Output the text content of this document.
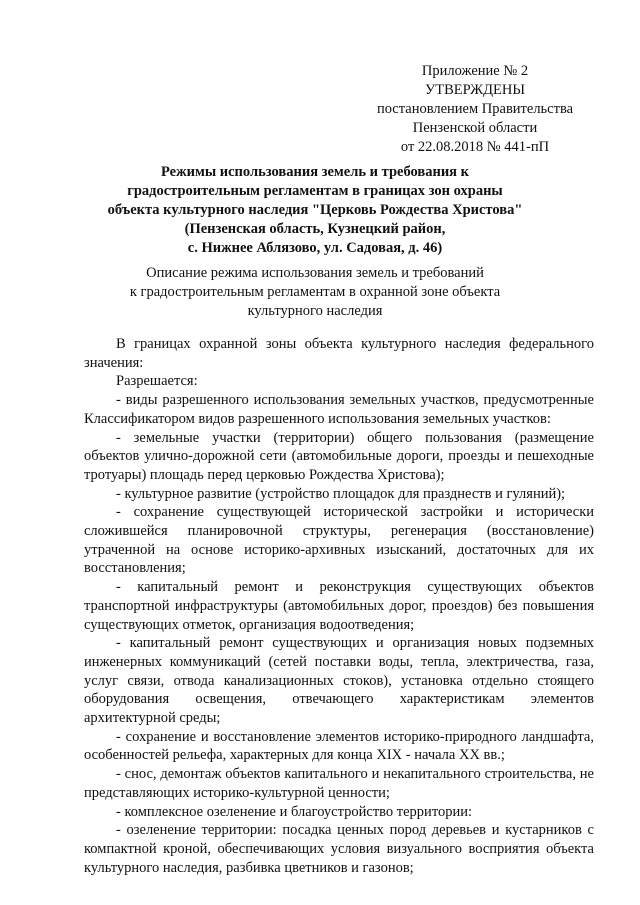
Приложение № 2
УТВЕРЖДЕНЫ
постановлением Правительства
Пензенской области
от 22.08.2018 № 441-пП
Режимы использования земель и требования к
градостроительным регламентам в границах зон охраны
объекта культурного наследия "Церковь Рождества Христова"
(Пензенская область, Кузнецкий район,
с. Нижнее Аблязово, ул. Садовая, д. 46)
Описание режима использования земель и требований
к градостроительным регламентам в охранной зоне объекта
культурного наследия

В границах охранной зоны объекта культурного наследия федерального значения:

Разрешается:

- виды разрешенного использования земельных участков, предусмотренные Классификатором видов разрешенного использования земельных участков:

- земельные участки (территории) общего пользования (размещение объектов улично-дорожной сети (автомобильные дороги, проезды и пешеходные тротуары) площадь перед церковью Рождества Христова);

- культурное развитие (устройство площадок для празднеств и гуляний);

- сохранение существующей исторической застройки и исторически сложившейся планировочной структуры, регенерация (восстановление) утраченной на основе историко-архивных изысканий, достаточных для их восстановления;

- капитальный ремонт и реконструкция существующих объектов транспортной инфраструктуры (автомобильных дорог, проездов) без повышения существующих отметок, организация водоотведения;

- капитальный ремонт существующих и организация новых подземных инженерных коммуникаций (сетей поставки воды, тепла, электричества, газа, услуг связи, отвода канализационных стоков), установка отдельно стоящего оборудования освещения, отвечающего характеристикам элементов архитектурной среды;

- сохранение и восстановление элементов историко-природного ландшафта, особенностей рельефа, характерных для конца XIX - начала XX вв.;

- снос, демонтаж объектов капитального и некапитального строительства, не представляющих историко-культурной ценности;

- комплексное озеленение и благоустройство территории:

- озеленение территории: посадка ценных пород деревьев и кустарников с компактной кроной, обеспечивающих условия визуального восприятия объекта культурного наследия, разбивка цветников и газонов;
